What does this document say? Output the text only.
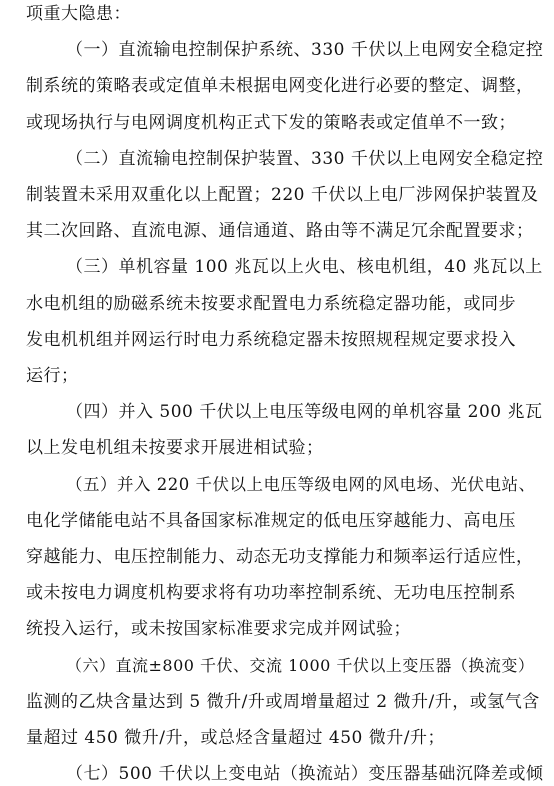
项重大隐患：
（一）直流输电控制保护系统、330 千伏以上电网安全稳定控
制系统的策略表或定值单未根据电网变化进行必要的整定、调整，
或现场执行与电网调度机构正式下发的策略表或定值单不一致；
（二）直流输电控制保护装置、330 千伏以上电网安全稳定控
制装置未采用双重化以上配置；220 千伏以上电厂涉网保护装置及
其二次回路、直流电源、通信通道、路由等不满足冗余配置要求；
（三）单机容量 100 兆瓦以上火电、核电机组，40 兆瓦以上
水电机组的励磁系统未按要求配置电力系统稳定器功能，或同步
发电机机组并网运行时电力系统稳定器未按照规程规定要求投入
运行；
（四）并入 500 千伏以上电压等级电网的单机容量 200 兆瓦
以上发电机组未按要求开展进相试验；
（五）并入 220 千伏以上电压等级电网的风电场、光伏电站、
电化学储能电站不具备国家标准规定的低电压穿越能力、高电压
穿越能力、电压控制能力、动态无功支撑能力和频率运行适应性，
或未按电力调度机构要求将有功功率控制系统、无功电压控制系
统投入运行，或未按国家标准要求完成并网试验；
（六）直流±800 千伏、交流 1000 千伏以上变压器（换流变）
监测的乙炔含量达到 5 微升/升或周增量超过 2 微升/升，或氢气含
量超过 450 微升/升，或总烃含量超过 450 微升/升；
（七）500 千伏以上变电站（换流站）变压器基础沉降差或倾
